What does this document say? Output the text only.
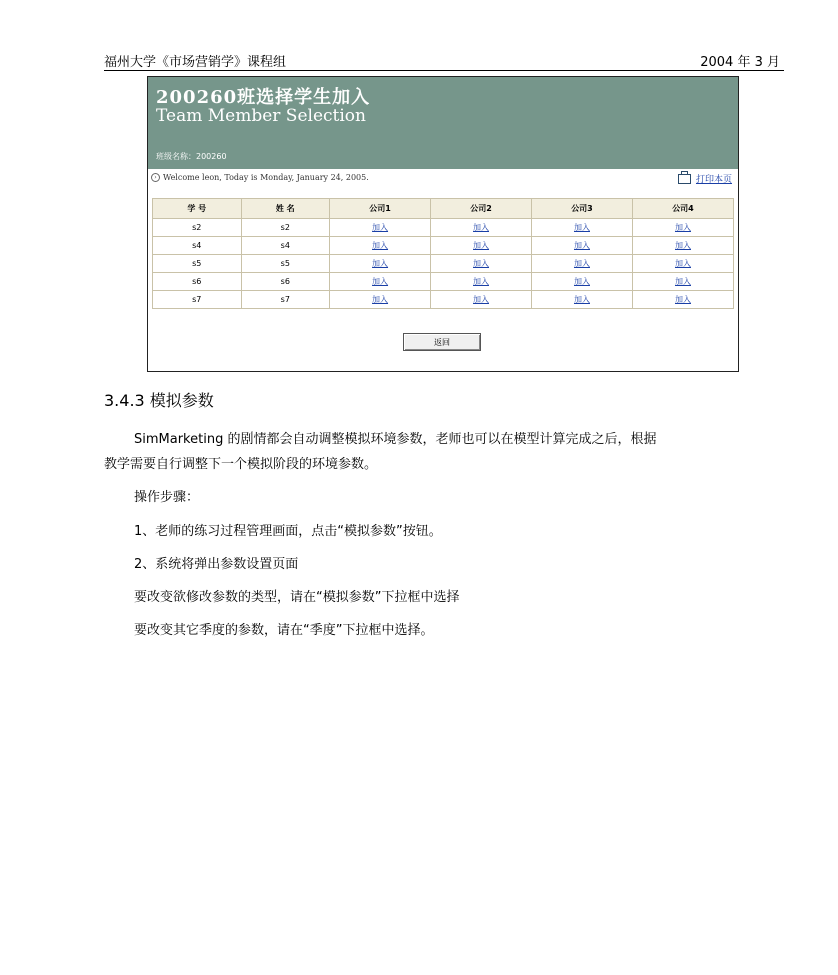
福州大学《市场营销学》课程组	2004 年 3 月
200260班选择学生加入
Team Member Selection
班级名称：200260
› Welcome leon, Today is Monday, January 24, 2005.	打印本页
学 号	姓 名	公司1	公司2	公司3	公司4
s2	s2	加入	加入	加入	加入
s4	s4	加入	加入	加入	加入
s5	s5	加入	加入	加入	加入
s6	s6	加入	加入	加入	加入
s7	s7	加入	加入	加入	加入
返回
3.4.3 模拟参数
SimMarketing 的剧情都会自动调整模拟环境参数，老师也可以在模型计算完成之后，根据
教学需要自行调整下一个模拟阶段的环境参数。
操作步骤：
1、老师的练习过程管理画面，点击“模拟参数”按钮。
2、系统将弹出参数设置页面
要改变欲修改参数的类型，请在“模拟参数”下拉框中选择
要改变其它季度的参数，请在“季度”下拉框中选择。
